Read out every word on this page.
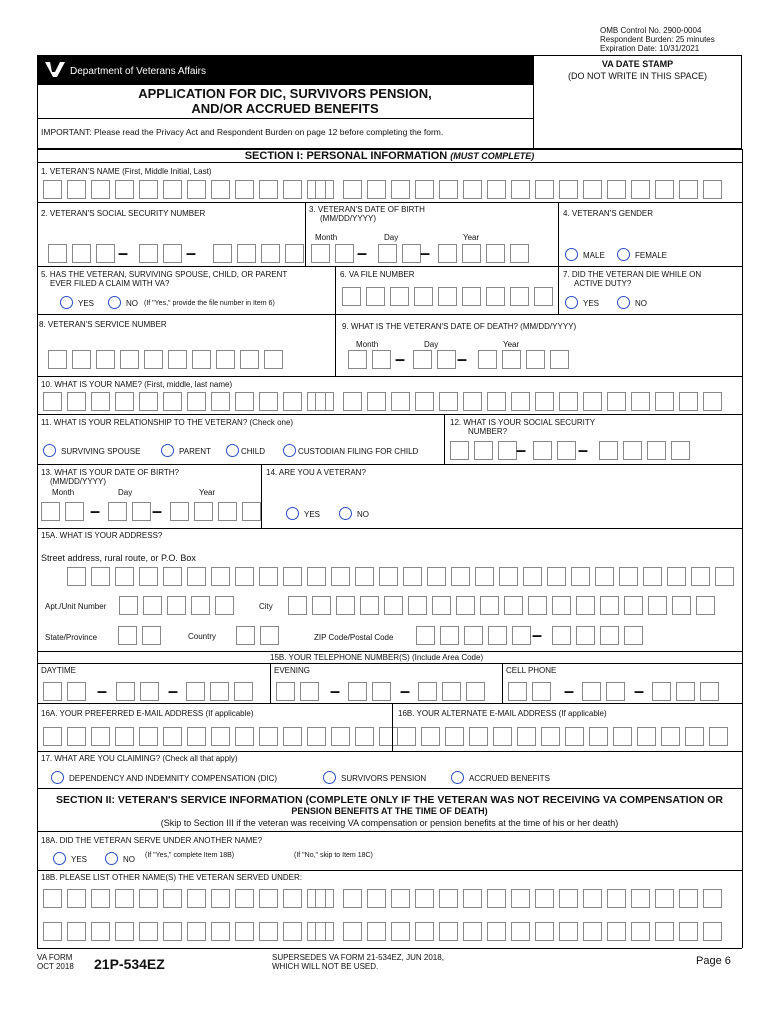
OMB Control No. 2900-0004
Respondent Burden: 25 minutes
Expiration Date: 10/31/2021
Department of Veterans Affairs
VA DATE STAMP
(DO NOT WRITE IN THIS SPACE)
APPLICATION FOR DIC, SURVIVORS PENSION,
AND/OR ACCRUED BENEFITS
IMPORTANT: Please read the Privacy Act and Respondent Burden on page 12 before completing the form.
SECTION I: PERSONAL INFORMATION (MUST COMPLETE)
1. VETERAN'S NAME (First, Middle Initial, Last)
2. VETERAN'S SOCIAL SECURITY NUMBER	3. VETERAN'S DATE OF BIRTH
(MM/DD/YYYY)
4. VETERAN'S GENDER
–	–
Month	Day	Year
–	–	MALE	FEMALE
5. HAS THE VETERAN, SURVIVING SPOUSE, CHILD, OR PARENT
EVER FILED A CLAIM WITH VA?
YES	NO (If "Yes," provide the file number in Item 6)
6. VA FILE NUMBER	7. DID THE VETERAN DIE WHILE ON
ACTIVE DUTY?
YES	NO
8. VETERAN'S SERVICE NUMBER	9. WHAT IS THE VETERAN'S DATE OF DEATH? (MM/DD/YYYY)
Month	Day	Year
–	–
10. WHAT IS YOUR NAME? (First, middle, last name)
11. WHAT IS YOUR RELATIONSHIP TO THE VETERAN? (Check one)
SURVIVING SPOUSE	PARENT	CHILD	CUSTODIAN FILING FOR CHILD
12. WHAT IS YOUR SOCIAL SECURITY
NUMBER?
–	–
13. WHAT IS YOUR DATE OF BIRTH?
(MM/DD/YYYY)
Month	Day	Year
–	–
14. ARE YOU A VETERAN?
YES	NO
15A. WHAT IS YOUR ADDRESS?
Street address, rural route, or P.O. Box
Apt./Unit Number	City
State/Province	Country	ZIP Code/Postal Code	–
15B. YOUR TELEPHONE NUMBER(S) (Include Area Code)
DAYTIME	EVENING	CELL PHONE
–	–	–	–	–	–
16A. YOUR PREFERRED E-MAIL ADDRESS (If applicable)	16B. YOUR ALTERNATE E-MAIL ADDRESS (If applicable)
17. WHAT ARE YOU CLAIMING? (Check all that apply)
DEPENDENCY AND INDEMNITY COMPENSATION (DIC)	SURVIVORS PENSION	ACCRUED BENEFITS
SECTION II: VETERAN'S SERVICE INFORMATION (COMPLETE ONLY IF THE VETERAN WAS NOT RECEIVING VA COMPENSATION OR
PENSION BENEFITS AT THE TIME OF DEATH)
(Skip to Section III if the veteran was receiving VA compensation or pension benefits at the time of his or her death)
18A. DID THE VETERAN SERVE UNDER ANOTHER NAME?
YES	NO (If "Yes," complete Item 18B)	(If "No," skip to Item 18C)
18B. PLEASE LIST OTHER NAME(S) THE VETERAN SERVED UNDER:
VA FORM
OCT 2018 21P-534EZ	SUPERSEDES VA FORM 21-534EZ, JUN 2018,
WHICH WILL NOT BE USED.	Page 6
